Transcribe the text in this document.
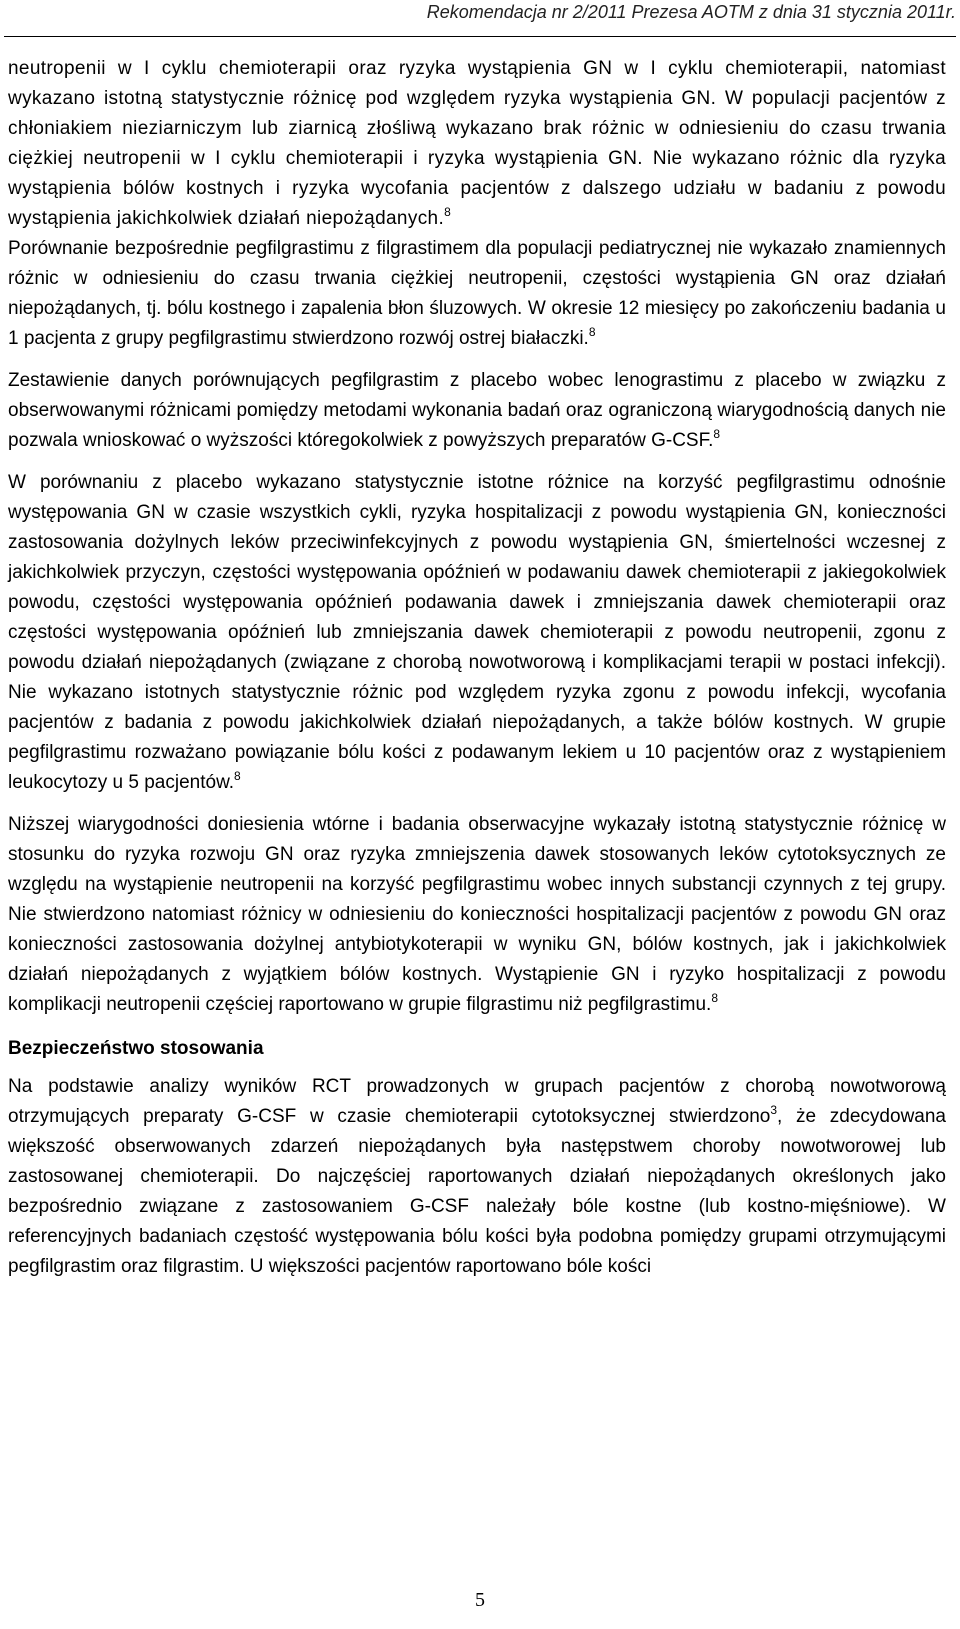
Rekomendacja nr 2/2011 Prezesa AOTM z dnia 31 stycznia 2011r.

neutropenii w I cyklu chemioterapii oraz ryzyka wystąpienia GN w I cyklu chemioterapii, natomiast wykazano istotną statystycznie różnicę pod względem ryzyka wystąpienia GN. W populacji pacjentów z chłoniakiem nieziarniczym lub ziarnicą złośliwą wykazano brak różnic w odniesieniu do czasu trwania ciężkiej neutropenii w I cyklu chemioterapii i ryzyka wystąpienia GN. Nie wykazano różnic dla ryzyka wystąpienia bólów kostnych i ryzyka wycofania pacjentów z dalszego udziału w badaniu z powodu wystąpienia jakichkolwiek działań niepożądanych.$^8$

Porównanie bezpośrednie pegfilgrastimu z filgrastimem dla populacji pediatrycznej nie wykazało znamiennych różnic w odniesieniu do czasu trwania ciężkiej neutropenii, częstości wystąpienia GN oraz działań niepożądanych, tj. bólu kostnego i zapalenia błon śluzowych. W okresie 12 miesięcy po zakończeniu badania u 1 pacjenta z grupy pegfilgrastimu stwierdzono rozwój ostrej białaczki.$^8$

Zestawienie danych porównujących pegfilgrastim z placebo wobec lenograstimu z placebo w związku z obserwowanymi różnicami pomiędzy metodami wykonania badań oraz ograniczoną wiarygodnością danych nie pozwala wnioskować o wyższości któregokolwiek z powyższych preparatów G-CSF.$^8$

W porównaniu z placebo wykazano statystycznie istotne różnice na korzyść pegfilgrastimu odnośnie występowania GN w czasie wszystkich cykli, ryzyka hospitalizacji z powodu wystąpienia GN, konieczności zastosowania dożylnych leków przeciwinfekcyjnych z powodu wystąpienia GN, śmiertelności wczesnej z jakichkolwiek przyczyn, częstości występowania opóźnień w podawaniu dawek chemioterapii z jakiegokolwiek powodu, częstości występowania opóźnień podawania dawek i zmniejszania dawek chemioterapii oraz częstości występowania opóźnień lub zmniejszania dawek chemioterapii z powodu neutropenii, zgonu z powodu działań niepożądanych (związane z chorobą nowotworową i komplikacjami terapii w postaci infekcji). Nie wykazano istotnych statystycznie różnic pod względem ryzyka zgonu z powodu infekcji, wycofania pacjentów z badania z powodu jakichkolwiek działań niepożądanych, a także bólów kostnych. W grupie pegfilgrastimu rozważano powiązanie bólu kości z podawanym lekiem u 10 pacjentów oraz z wystąpieniem leukocytozy u 5 pacjentów.$^8$

Niższej wiarygodności doniesienia wtórne i badania obserwacyjne wykazały istotną statystycznie różnicę w stosunku do ryzyka rozwoju GN oraz ryzyka zmniejszenia dawek stosowanych leków cytotoksycznych ze względu na wystąpienie neutropenii na korzyść pegfilgrastimu wobec innych substancji czynnych z tej grupy. Nie stwierdzono natomiast różnicy w odniesieniu do konieczności hospitalizacji pacjentów z powodu GN oraz konieczności zastosowania dożylnej antybiotykoterapii w wyniku GN, bólów kostnych, jak i jakichkolwiek działań niepożądanych z wyjątkiem bólów kostnych. Wystąpienie GN i ryzyko hospitalizacji z powodu komplikacji neutropenii częściej raportowano w grupie filgrastimu niż pegfilgrastimu.$^8$

Bezpieczeństwo stosowania

Na podstawie analizy wyników RCT prowadzonych w grupach pacjentów z chorobą nowotworową otrzymujących preparaty G-CSF w czasie chemioterapii cytotoksycznej stwierdzono$^3$, że zdecydowana większość obserwowanych zdarzeń niepożądanych była następstwem choroby nowotworowej lub zastosowanej chemioterapii. Do najczęściej raportowanych działań niepożądanych określonych jako bezpośrednio związane z zastosowaniem G-CSF należały bóle kostne (lub kostno-mięśniowe). W referencyjnych badaniach częstość występowania bólu kości była podobna pomiędzy grupami otrzymującymi pegfilgrastim oraz filgrastim. U większości pacjentów raportowano bóle kości

5
